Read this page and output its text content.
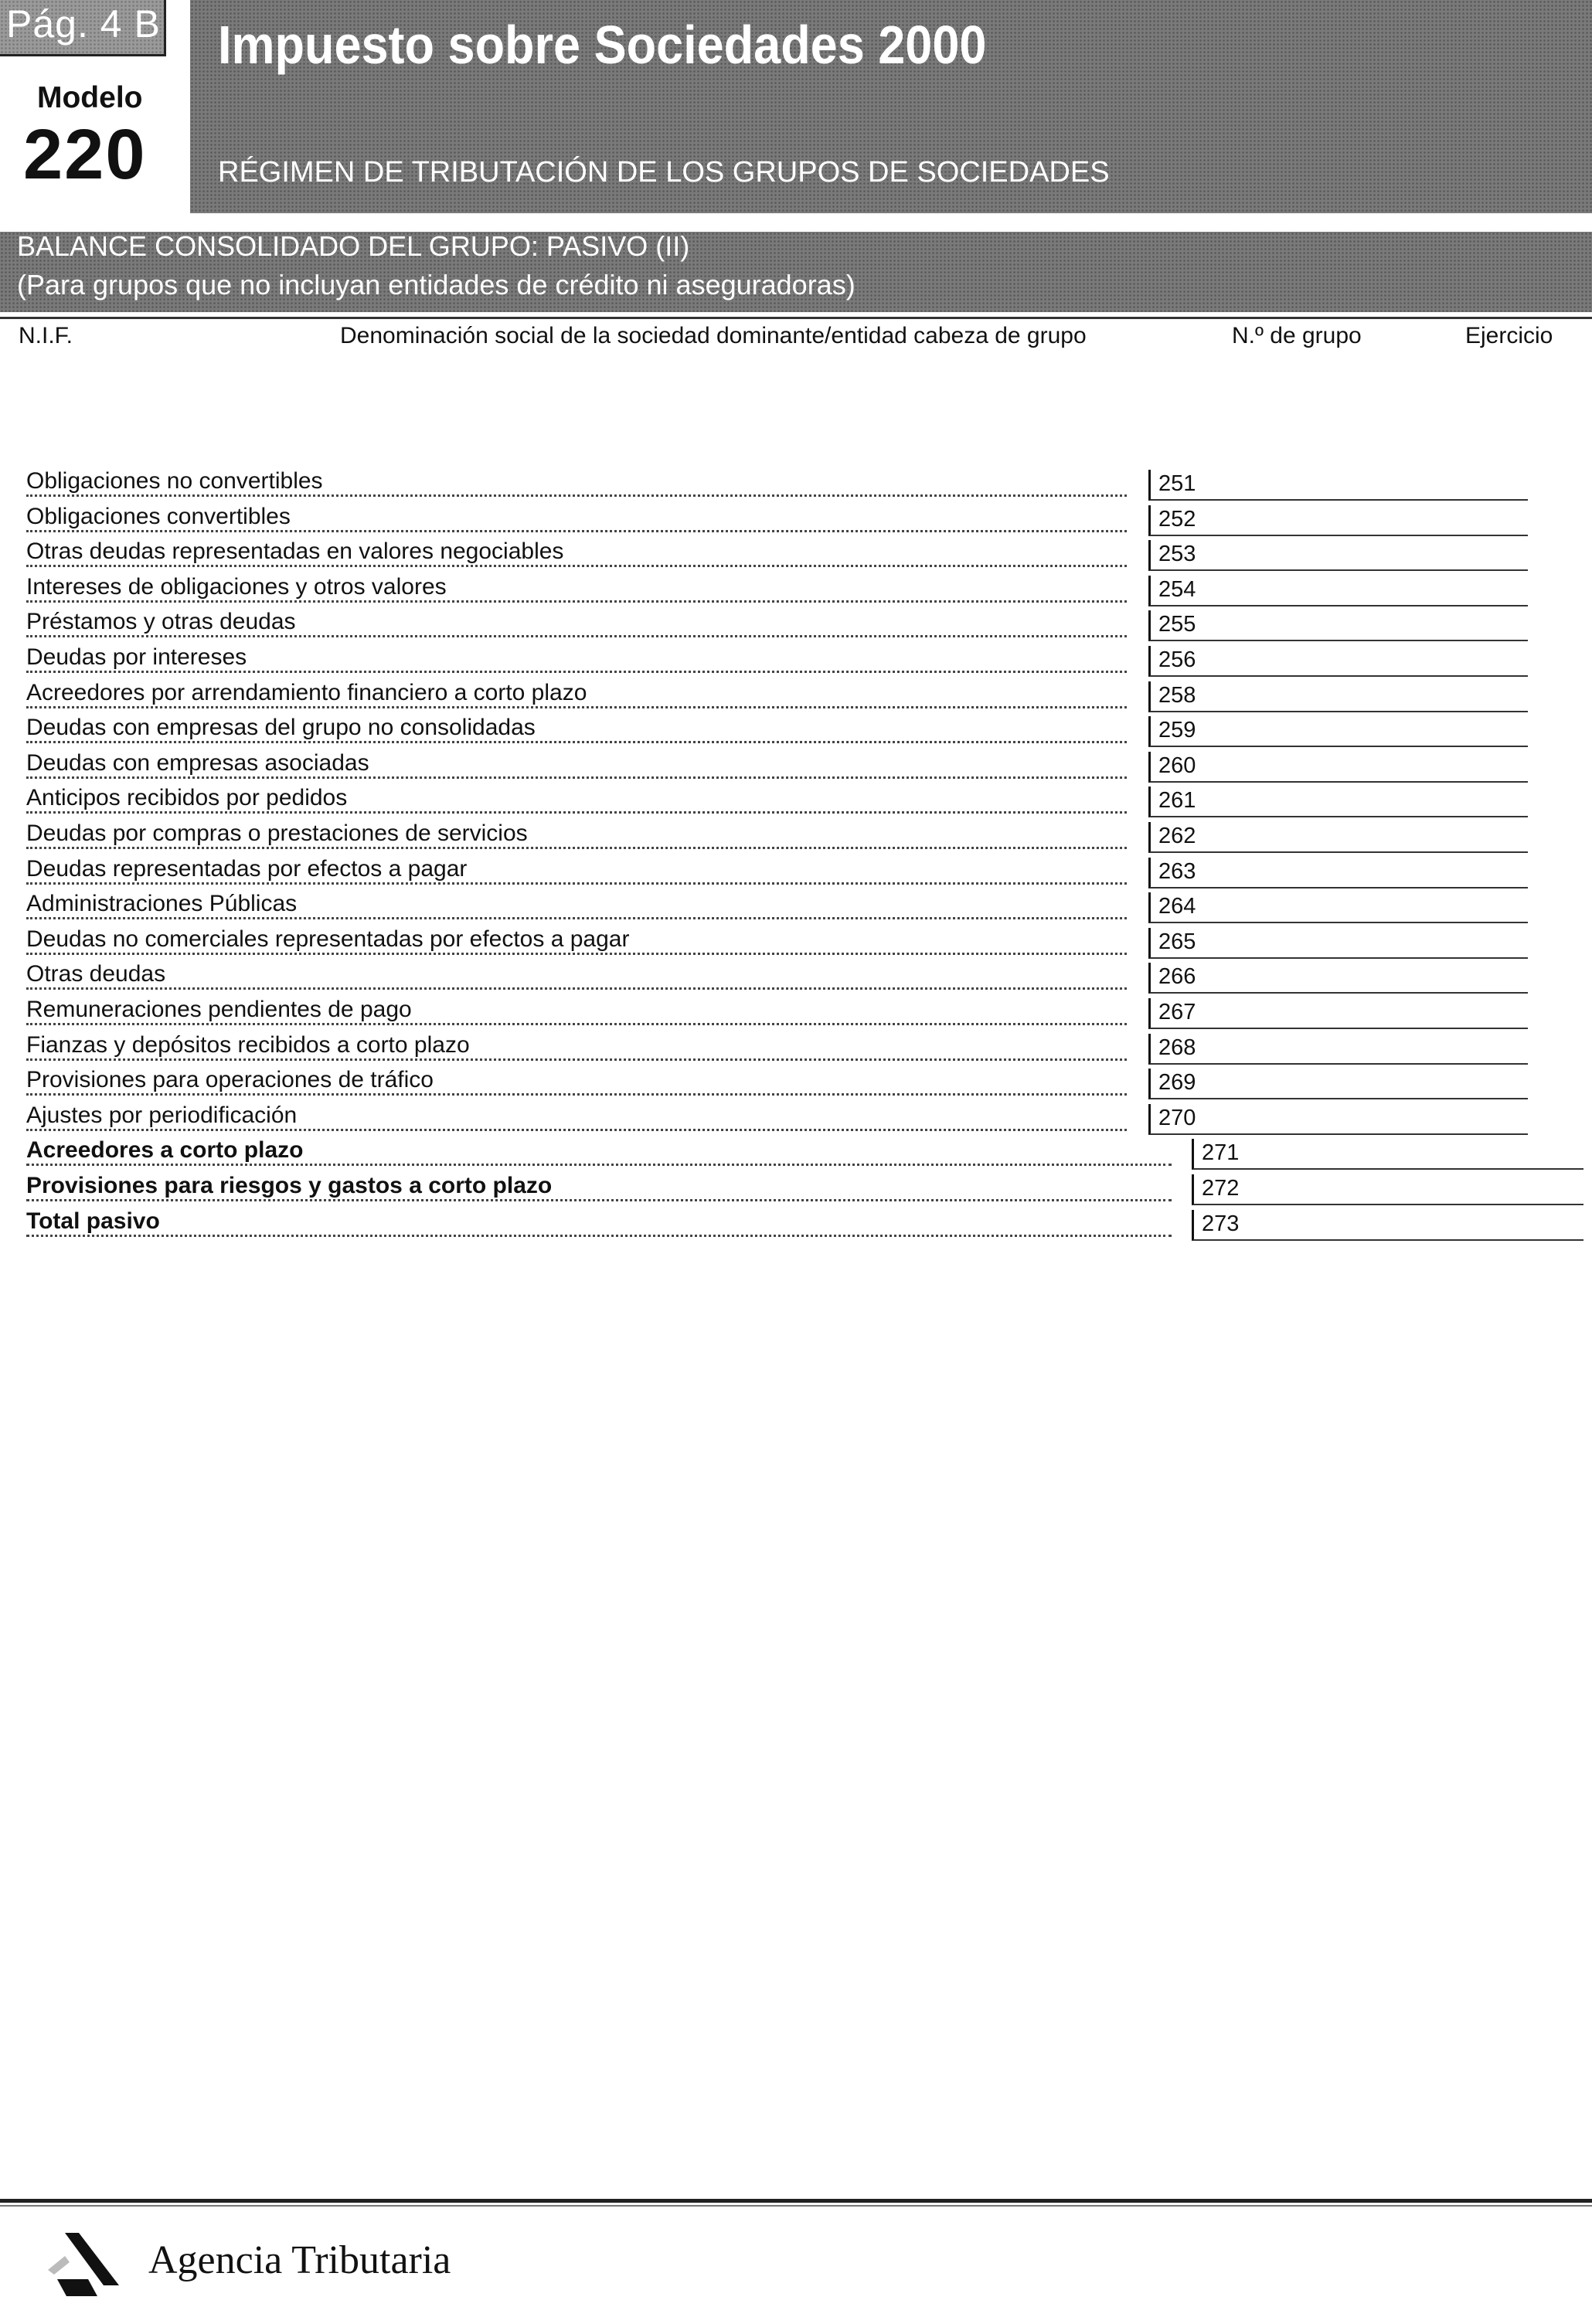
Pág. 4 B
Modelo
220
Impuesto sobre Sociedades 2000
RÉGIMEN DE TRIBUTACIÓN DE LOS GRUPOS DE SOCIEDADES
BALANCE CONSOLIDADO DEL GRUPO: PASIVO (II)
(Para grupos que no incluyan entidades de crédito ni aseguradoras)
N.I.F.	Denominación social de la sociedad dominante/entidad cabeza de grupo	N.º de grupo	Ejercicio
Obligaciones no convertibles	251
Obligaciones convertibles	252
Otras deudas representadas en valores negociables	253
Intereses de obligaciones y otros valores	254
Préstamos y otras deudas	255
Deudas por intereses	256
Acreedores por arrendamiento financiero a corto plazo	258
Deudas con empresas del grupo no consolidadas	259
Deudas con empresas asociadas	260
Anticipos recibidos por pedidos	261
Deudas por compras o prestaciones de servicios	262
Deudas representadas por efectos a pagar	263
Administraciones Públicas	264
Deudas no comerciales representadas por efectos a pagar	265
Otras deudas	266
Remuneraciones pendientes de pago	267
Fianzas y depósitos recibidos a corto plazo	268
Provisiones para operaciones de tráfico	269
Ajustes por periodificación	270
Acreedores a corto plazo	271
Provisiones para riesgos y gastos a corto plazo	272
Total pasivo	273
Agencia Tributaria
